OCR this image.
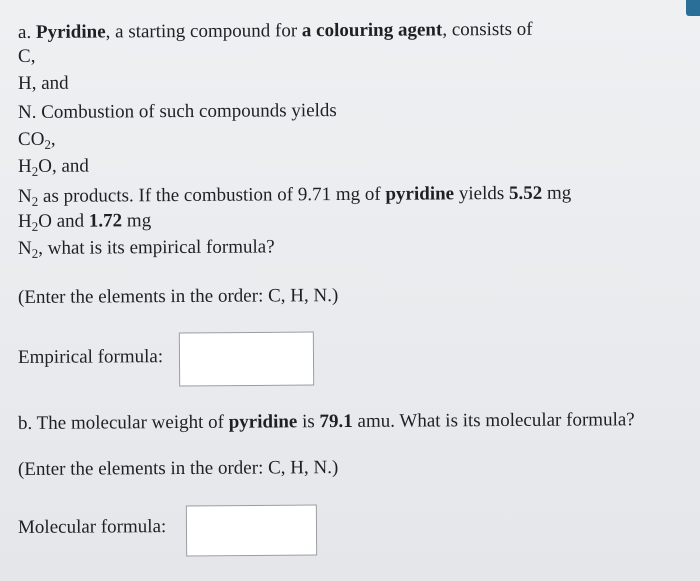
a. Pyridine, a starting compound for a colouring agent, consists of
C,
H, and
N. Combustion of such compounds yields
$CO_2$,
$H_2O$, and
$N_2$ as products. If the combustion of 9.71 mg of pyridine yields 5.52 mg
$H_2O$ and 1.72 mg
$N_2$, what is its empirical formula?
(Enter the elements in the order: C, H, N.)
Empirical formula:
b. The molecular weight of pyridine is 79.1 amu. What is its molecular formula?
(Enter the elements in the order: C, H, N.)
Molecular formula:
